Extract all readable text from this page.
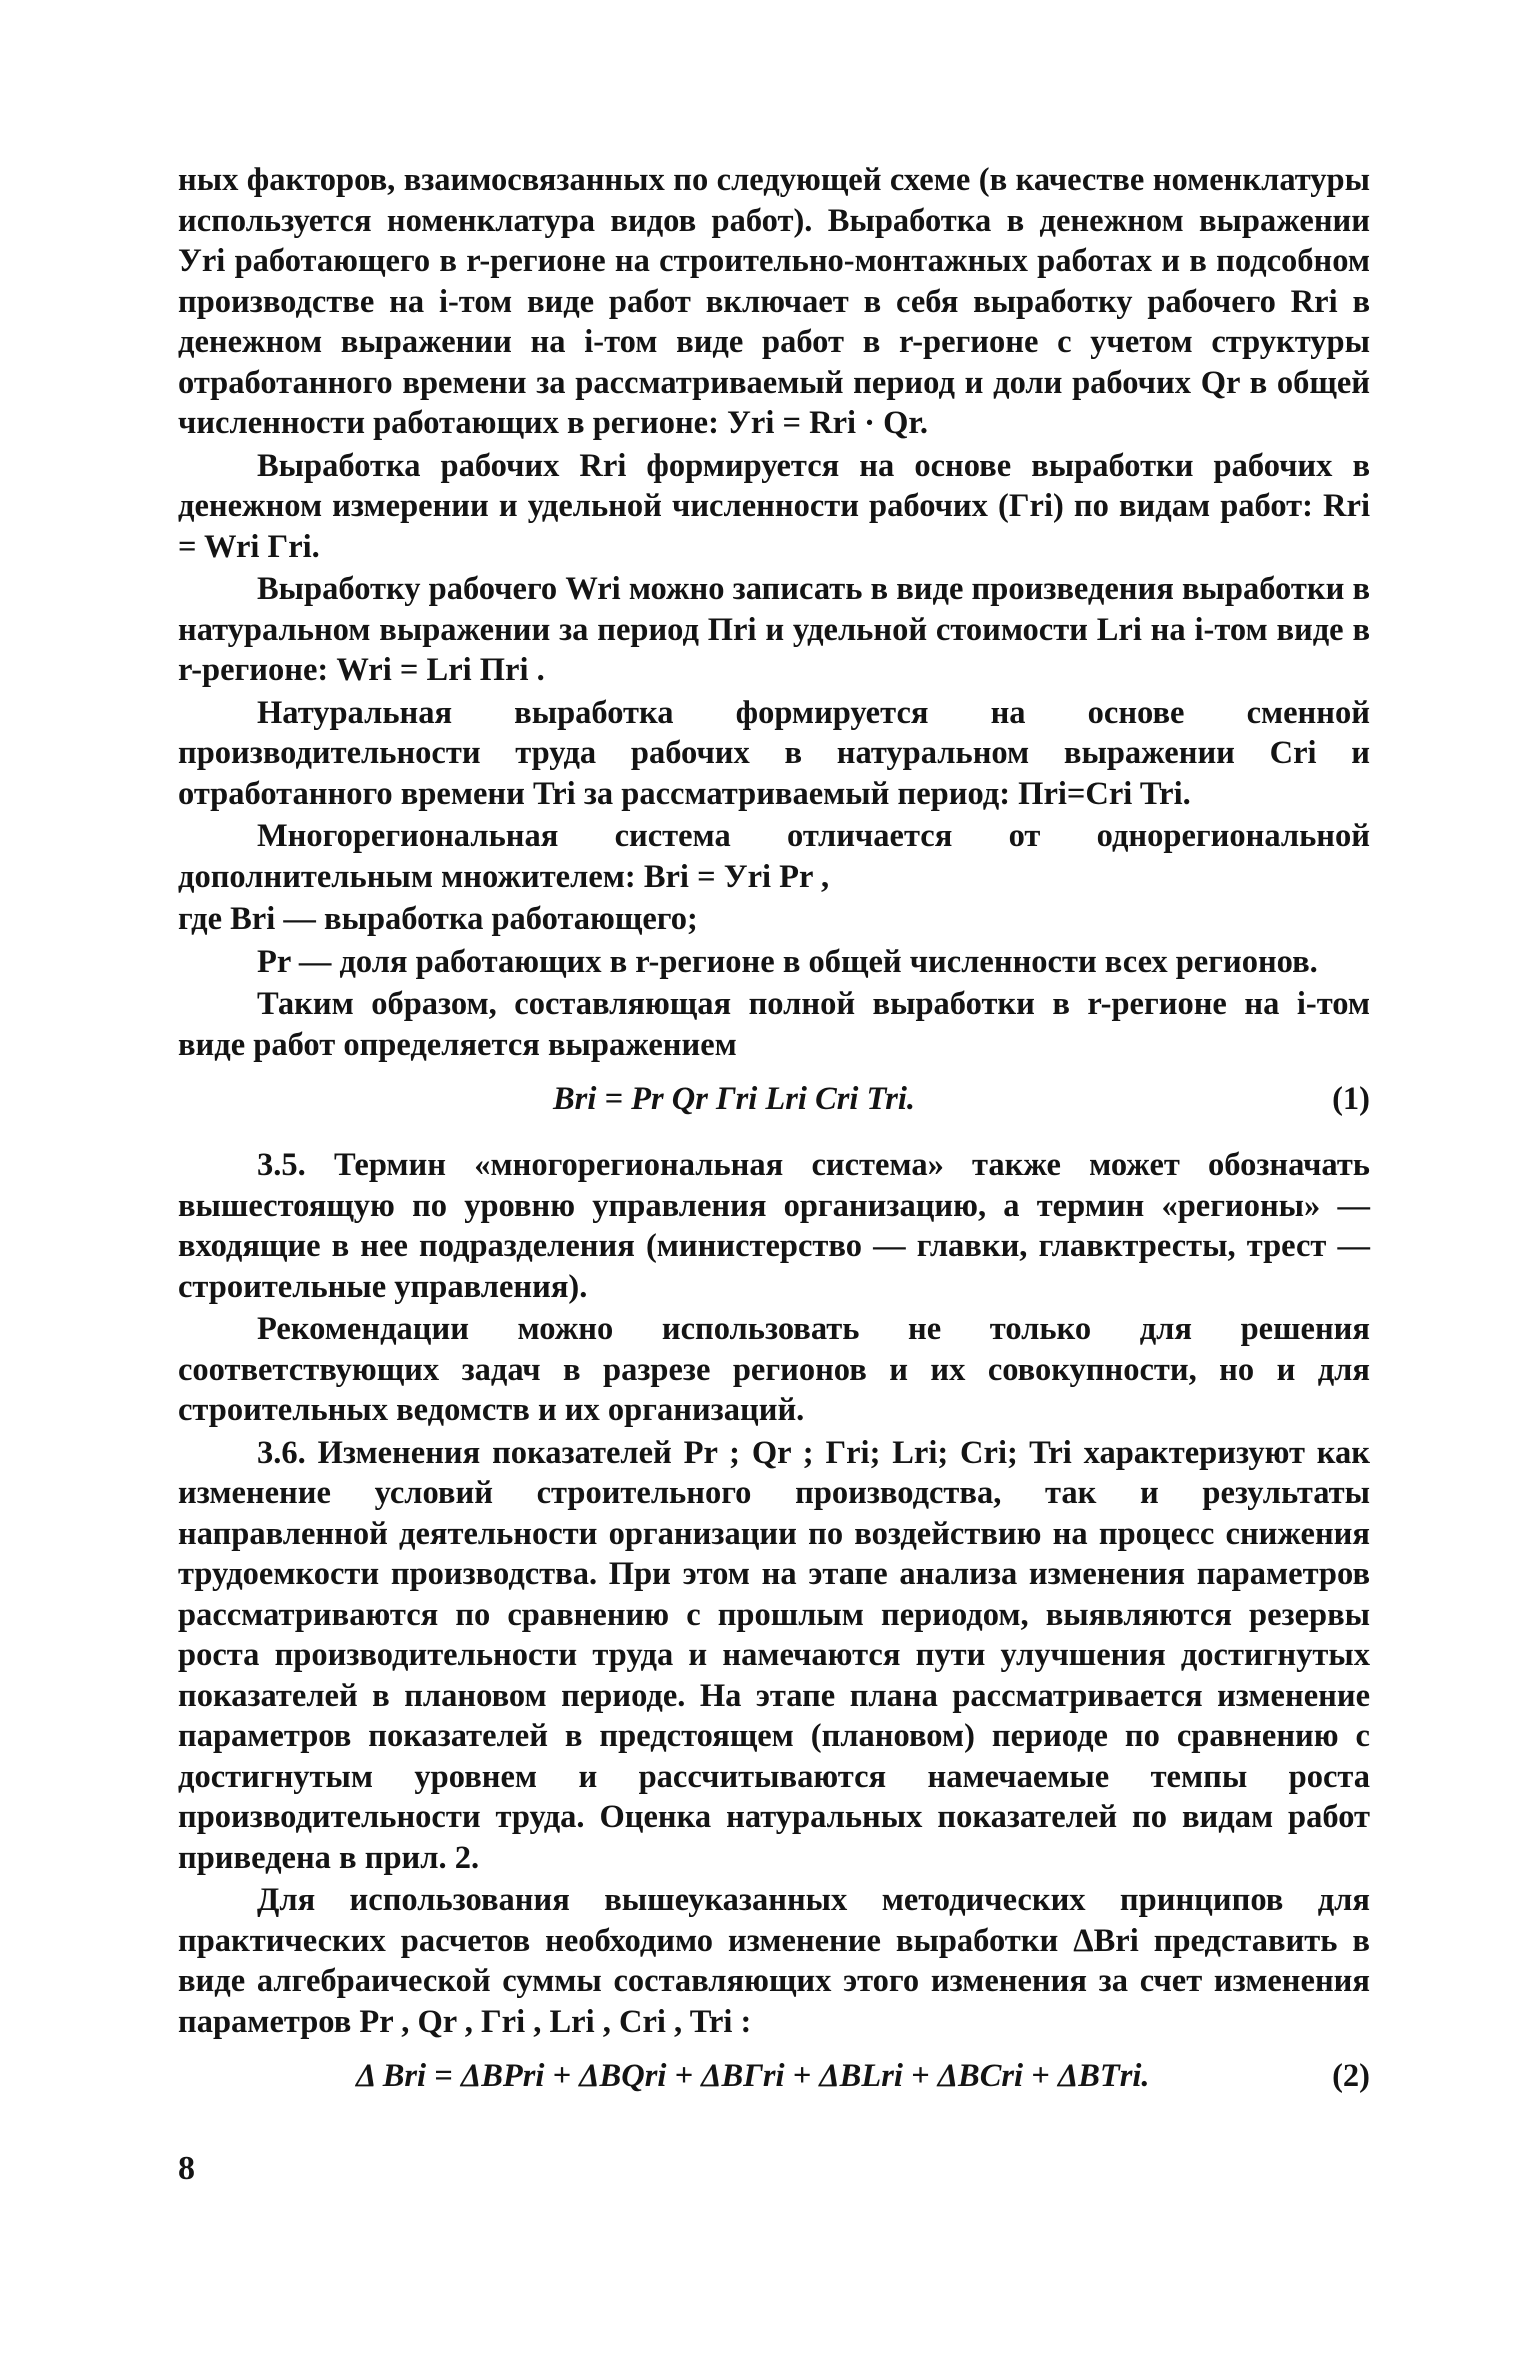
ных факторов, взаимосвязанных по следующей схеме (в качестве номенклатуры используется номенклатура видов работ). Выработка в денежном выражении Уri работающего в r-регионе на строительно-монтажных работах и в подсобном производстве на i-том виде работ включает в себя выработку рабочего Rri в денежном выражении на i-том виде работ в r-регионе с учетом структуры отработанного времени за рассматриваемый период и доли рабочих Qr в общей численности работающих в регионе: Уri = Rri · Qr.

Выработка рабочих Rri формируется на основе выработки рабочих в денежном измерении и удельной численности рабочих (Гri) по видам работ: Rri = Wri Гri.

Выработку рабочего Wri можно записать в виде произведения выработки в натуральном выражении за период Пri и удельной стоимости Lri на i-том виде в r-регионе: Wri = Lri Пri .

Натуральная выработка формируется на основе сменной производительности труда рабочих в натуральном выражении Cri и отработанного времени Tri за рассматриваемый период: Пri=Cri Tri.

Многорегиональная система отличается от однорегиональной дополнительным множителем: Bri = Уri Pr ,

где Bri — выработка работающего;

Pr — доля работающих в r-регионе в общей численности всех регионов.

Таким образом, составляющая полной выработки в r-регионе на i-том виде работ определяется выражением

Bri = Pr Qr Гri Lri Cri Tri.	(1)

3.5. Термин «многорегиональная система» также может обозначать вышестоящую по уровню управления организацию, а термин «регионы» — входящие в нее подразделения (министерство — главки, главктресты, трест — строительные управления).

Рекомендации можно использовать не только для решения соответствующих задач в разрезе регионов и их совокупности, но и для строительных ведомств и их организаций.

3.6. Изменения показателей Pr ; Qr ; Гri; Lri; Cri; Tri характеризуют как изменение условий строительного производства, так и результаты направленной деятельности организации по воздействию на процесс снижения трудоемкости производства. При этом на этапе анализа изменения параметров рассматриваются по сравнению с прошлым периодом, выявляются резервы роста производительности труда и намечаются пути улучшения достигнутых показателей в плановом периоде. На этапе плана рассматривается изменение параметров показателей в предстоящем (плановом) периоде по сравнению с достигнутым уровнем и рассчитываются намечаемые темпы роста производительности труда. Оценка натуральных показателей по видам работ приведена в прил. 2.

Для использования вышеуказанных методических принципов для практических расчетов необходимо изменение выработки ΔBri представить в виде алгебраической суммы составляющих этого изменения за счет изменения параметров Pr , Qr , Гri , Lri , Cri , Tri :

Δ Bri = ΔBPri + ΔBQri + ΔBГri + ΔBLri + ΔBCri + ΔBТri.	(2)
8
